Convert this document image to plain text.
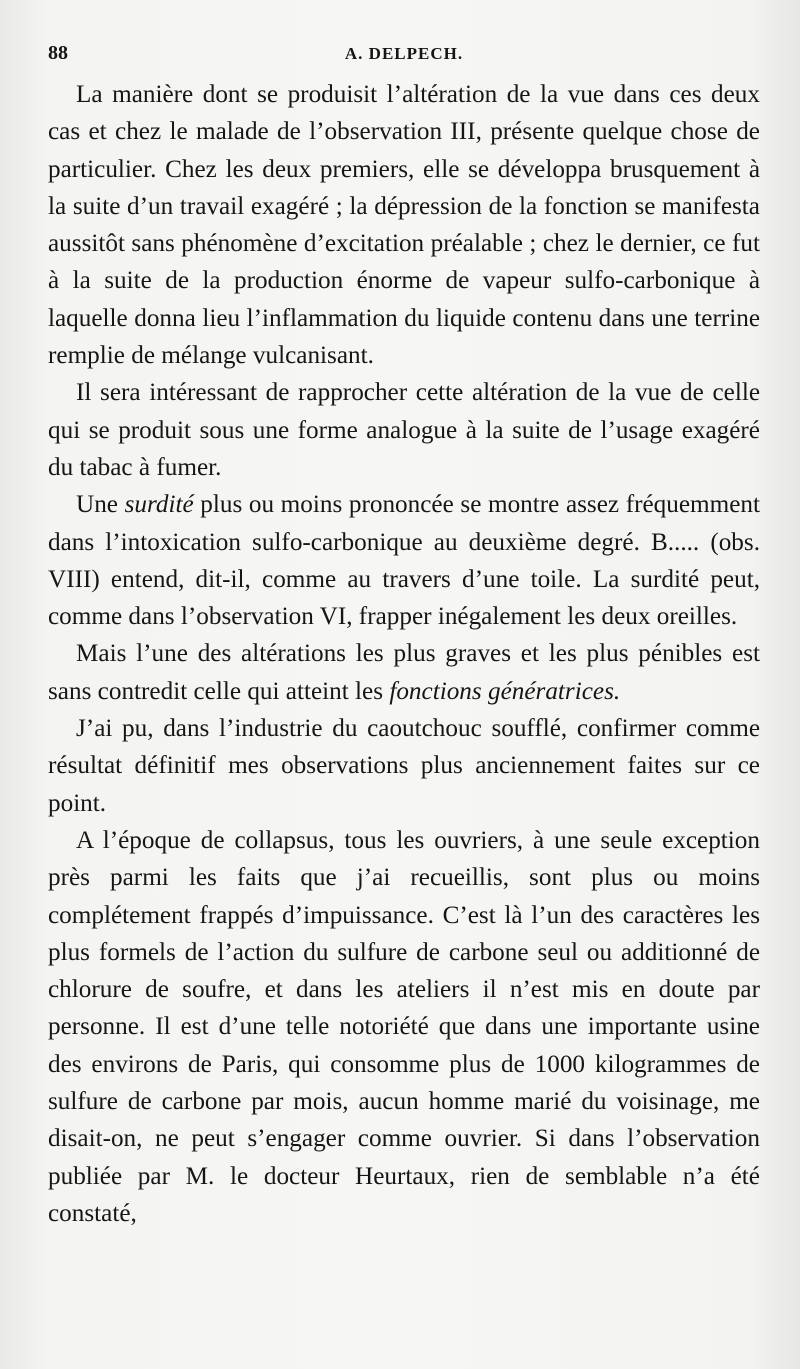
88	A. DELPECH.

La manière dont se produisit l’altération de la vue dans ces deux cas et chez le malade de l’observation III, présente quelque chose de particulier. Chez les deux premiers, elle se développa brusquement à la suite d’un travail exagéré ; la dépression de la fonction se manifesta aussitôt sans phénomène d’excitation préalable ; chez le dernier, ce fut à la suite de la production énorme de vapeur sulfo-carbonique à laquelle donna lieu l’inflammation du liquide contenu dans une terrine remplie de mélange vulcanisant.

Il sera intéressant de rapprocher cette altération de la vue de celle qui se produit sous une forme analogue à la suite de l’usage exagéré du tabac à fumer.

Une surdité plus ou moins prononcée se montre assez fréquemment dans l’intoxication sulfo-carbonique au deuxième degré. B..... (obs. VIII) entend, dit-il, comme au travers d’une toile. La surdité peut, comme dans l’observation VI, frapper inégalement les deux oreilles.

Mais l’une des altérations les plus graves et les plus pénibles est sans contredit celle qui atteint les fonctions génératrices.

J’ai pu, dans l’industrie du caoutchouc soufflé, confirmer comme résultat définitif mes observations plus anciennement faites sur ce point.

A l’époque de collapsus, tous les ouvriers, à une seule exception près parmi les faits que j’ai recueillis, sont plus ou moins complétement frappés d’impuissance. C’est là l’un des caractères les plus formels de l’action du sulfure de carbone seul ou additionné de chlorure de soufre, et dans les ateliers il n’est mis en doute par personne. Il est d’une telle notoriété que dans une importante usine des environs de Paris, qui consomme plus de 1000 kilogrammes de sulfure de carbone par mois, aucun homme marié du voisinage, me disait-on, ne peut s’engager comme ouvrier. Si dans l’observation publiée par M. le docteur Heurtaux, rien de semblable n’a été constaté,
